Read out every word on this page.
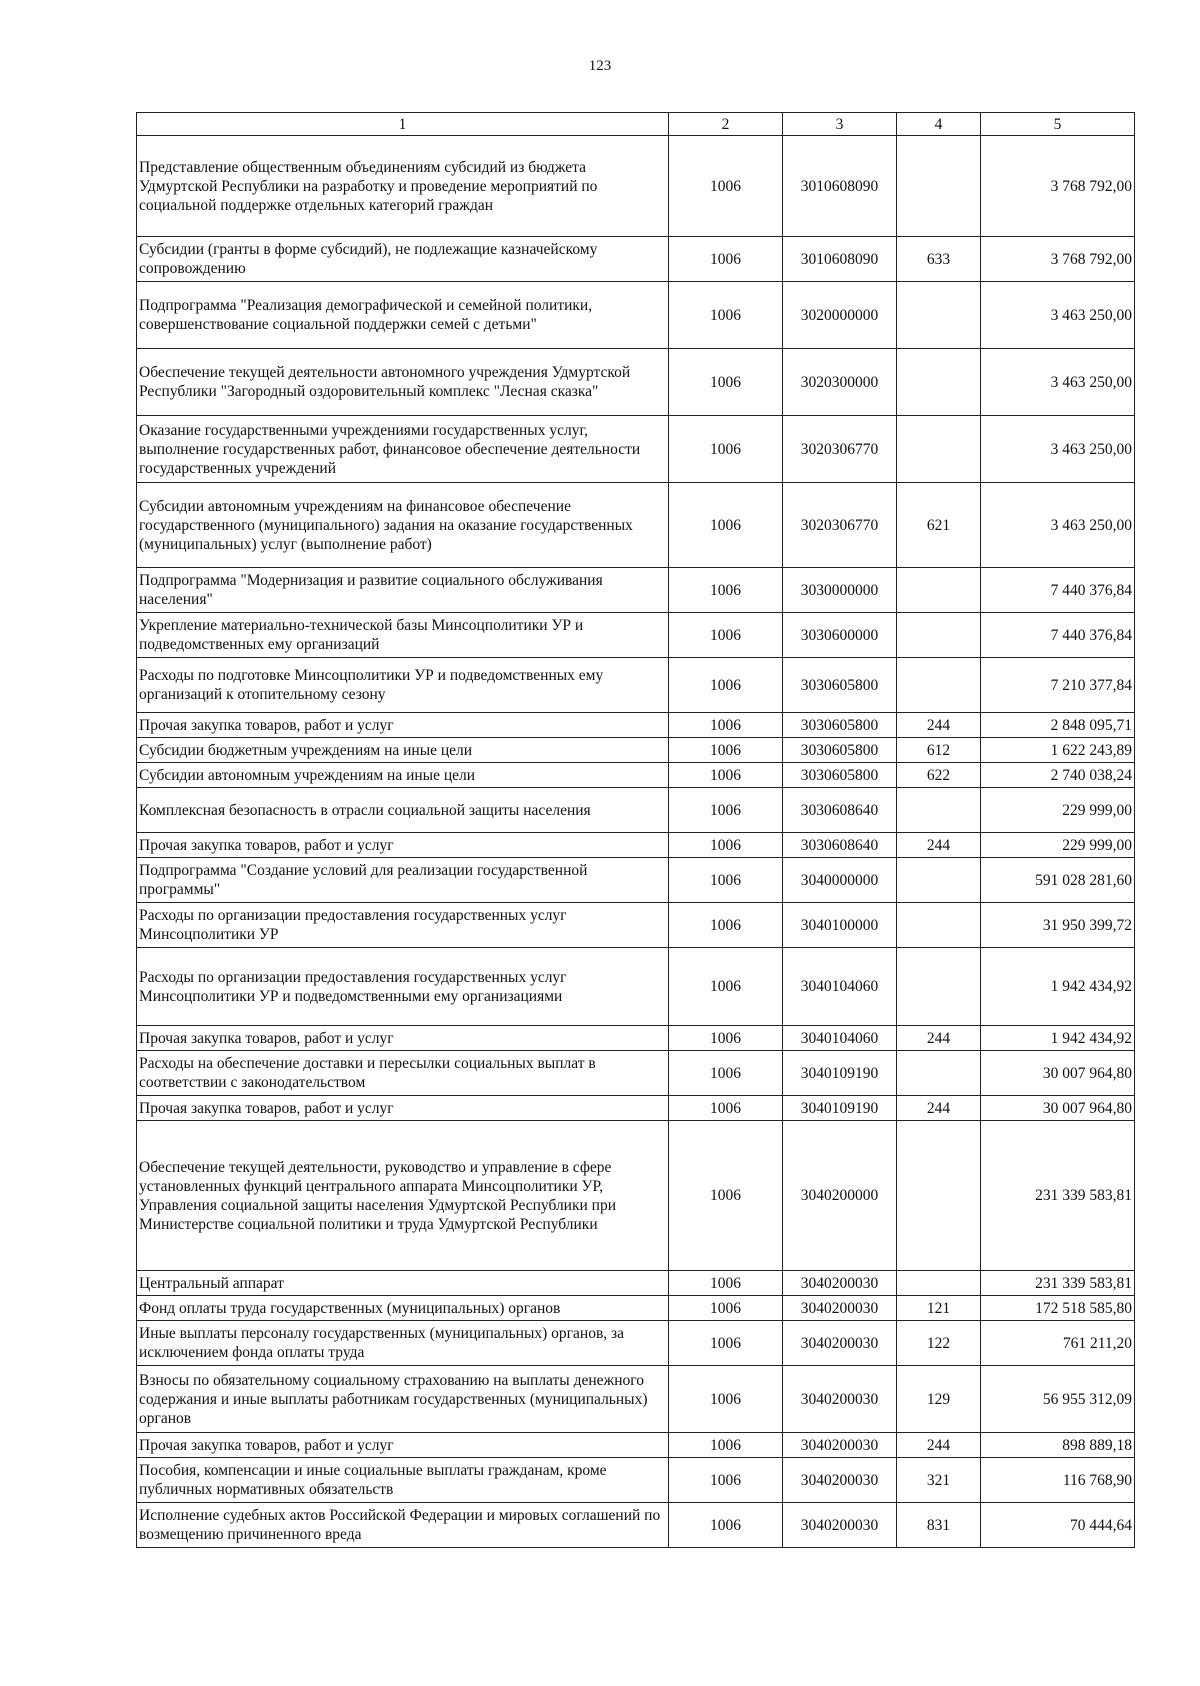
123
1	2	3	4	5
Представление общественным объединениям субсидий из бюджета Удмуртской Республики на разработку и проведение мероприятий по социальной поддержке отдельных категорий граждан	1006	3010608090		3 768 792,00
Субсидии (гранты в форме субсидий), не подлежащие казначейскому сопровождению	1006	3010608090	633	3 768 792,00
Подпрограмма "Реализация демографической и семейной политики, совершенствование социальной поддержки семей с детьми"	1006	3020000000		3 463 250,00
Обеспечение текущей деятельности автономного учреждения Удмуртской Республики "Загородный оздоровительный комплекс "Лесная сказка"	1006	3020300000		3 463 250,00
Оказание государственными учреждениями государственных услуг, выполнение государственных работ, финансовое обеспечение деятельности государственных учреждений	1006	3020306770		3 463 250,00
Субсидии автономным учреждениям на финансовое обеспечение государственного (муниципального) задания на оказание государственных (муниципальных) услуг (выполнение работ)	1006	3020306770	621	3 463 250,00
Подпрограмма "Модернизация и развитие социального обслуживания населения"	1006	3030000000		7 440 376,84
Укрепление материально-технической базы Минсоцполитики УР и подведомственных ему организаций	1006	3030600000		7 440 376,84
Расходы по подготовке Минсоцполитики УР и подведомственных ему организаций к отопительному сезону	1006	3030605800		7 210 377,84
Прочая закупка товаров, работ и услуг	1006	3030605800	244	2 848 095,71
Субсидии бюджетным учреждениям на иные цели	1006	3030605800	612	1 622 243,89
Субсидии автономным учреждениям на иные цели	1006	3030605800	622	2 740 038,24
Комплексная безопасность в отрасли социальной защиты населения	1006	3030608640		229 999,00
Прочая закупка товаров, работ и услуг	1006	3030608640	244	229 999,00
Подпрограмма "Создание условий для реализации государственной программы"	1006	3040000000		591 028 281,60
Расходы по организации предоставления государственных услуг Минсоцполитики УР	1006	3040100000		31 950 399,72
Расходы по организации предоставления государственных услуг Минсоцполитики УР и подведомственными ему организациями	1006	3040104060		1 942 434,92
Прочая закупка товаров, работ и услуг	1006	3040104060	244	1 942 434,92
Расходы на обеспечение доставки и пересылки социальных выплат в соответствии с законодательством	1006	3040109190		30 007 964,80
Прочая закупка товаров, работ и услуг	1006	3040109190	244	30 007 964,80
Обеспечение текущей деятельности, руководство и управление в сфере установленных функций центрального аппарата Минсоцполитики УР, Управления социальной защиты населения Удмуртской Республики при Министерстве социальной политики и труда Удмуртской Республики	1006	3040200000		231 339 583,81
Центральный аппарат	1006	3040200030		231 339 583,81
Фонд оплаты труда государственных (муниципальных) органов	1006	3040200030	121	172 518 585,80
Иные выплаты персоналу государственных (муниципальных) органов, за исключением фонда оплаты труда	1006	3040200030	122	761 211,20
Взносы по обязательному социальному страхованию на выплаты денежного содержания и иные выплаты работникам государственных (муниципальных) органов	1006	3040200030	129	56 955 312,09
Прочая закупка товаров, работ и услуг	1006	3040200030	244	898 889,18
Пособия, компенсации и иные социальные выплаты гражданам, кроме публичных нормативных обязательств	1006	3040200030	321	116 768,90
Исполнение судебных актов Российской Федерации и мировых соглашений по возмещению причиненного вреда	1006	3040200030	831	70 444,64
